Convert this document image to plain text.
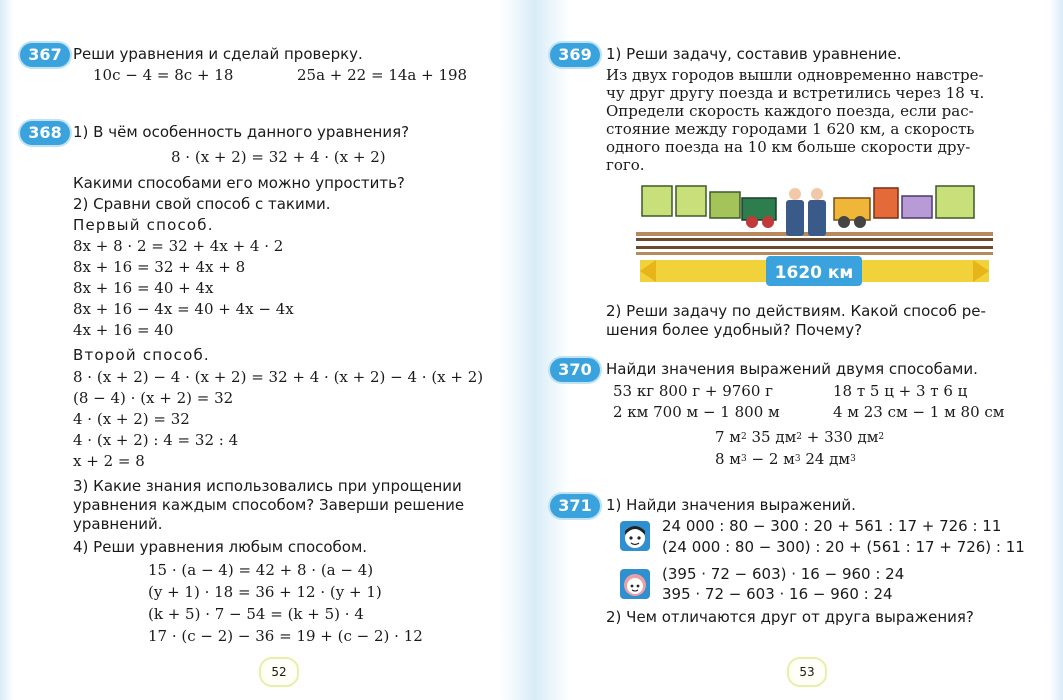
367 Реши уравнения и сделай проверку.
10c − 4 = 8c + 18	25a + 22 = 14a + 198
368 1) В чём особенность данного уравнения?
8 · (x + 2) = 32 + 4 · (x + 2)
Какими способами его можно упростить?
2) Сравни свой способ с такими.
Первый способ.
8x + 8 · 2 = 32 + 4x + 4 · 2
8x + 16 = 32 + 4x + 8
8x + 16 = 40 + 4x
8x + 16 − 4x = 40 + 4x − 4x
4x + 16 = 40
Второй способ.
8 · (x + 2) − 4 · (x + 2) = 32 + 4 · (x + 2) − 4 · (x + 2)
(8 − 4) · (x + 2) = 32
4 · (x + 2) = 32
4 · (x + 2) : 4 = 32 : 4
x + 2 = 8
3) Какие знания использовались при упрощении
уравнения каждым способом? Заверши решение
уравнений.
4) Реши уравнения любым способом.
15 · (a − 4) = 42 + 8 · (a − 4)
(y + 1) · 18 = 36 + 12 · (y + 1)
(k + 5) · 7 − 54 = (k + 5) · 4
17 · (c − 2) − 36 = 19 + (c − 2) · 12
52
369 1) Реши задачу, составив уравнение.
Из двух городов вышли одновременно навстре-
чу друг другу поезда и встретились через 18 ч.
Определи скорость каждого поезда, если рас-
стояние между городами 1 620 км, а скорость
одного поезда на 10 км больше скорости дру-
гого.
1620 км
2) Реши задачу по действиям. Какой способ ре-
шения более удобный? Почему?
370 Найди значения выражений двумя способами.
53 кг 800 г + 9760 г	18 т 5 ц + 3 т 6 ц
2 км 700 м − 1 800 м	4 м 23 см − 1 м 80 см
7 $м^2$ 35 $дм^2 + 330$ $дм^2$
8 $м^3 - 2$ $м^3$ 24 $дм^3$
371 1) Найди значения выражений.
24 000 : 80 − 300 : 20 + 561 : 17 + 726 : 11
(24 000 : 80 − 300) : 20 + (561 : 17 + 726) : 11
(395 · 72 − 603) · 16 − 960 : 24
395 · 72 − 603 · 16 − 960 : 24
2) Чем отличаются друг от друга выражения?
53
